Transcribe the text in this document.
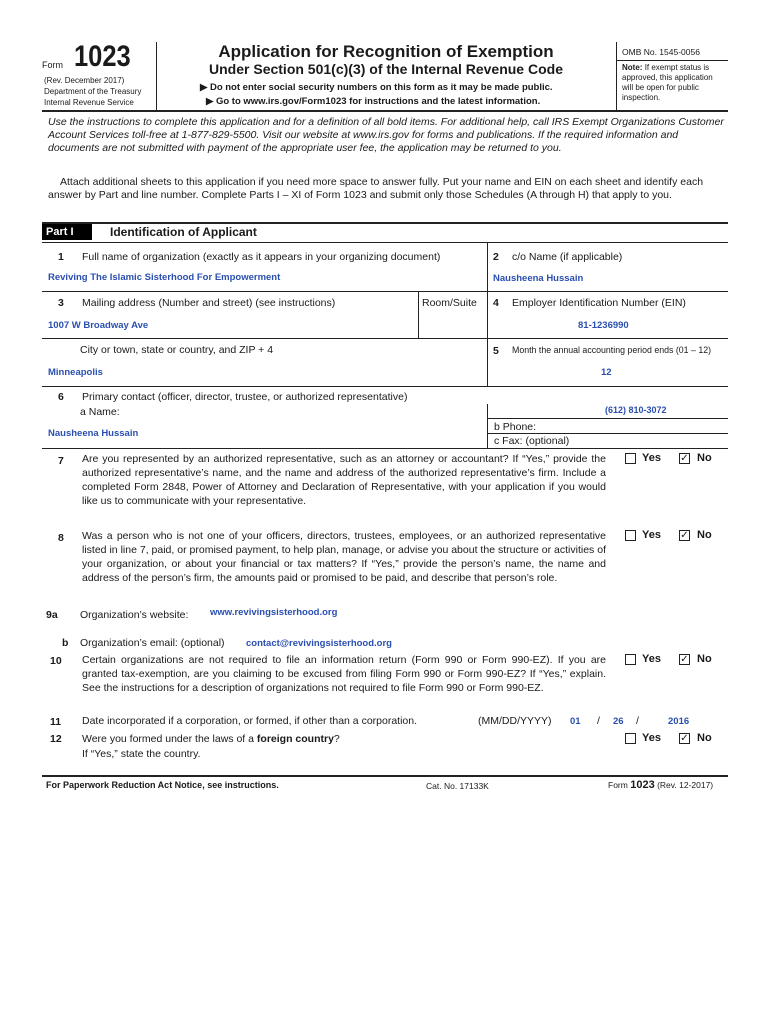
Form 1023
(Rev. December 2017)
Department of the Treasury
Internal Revenue Service
Application for Recognition of Exemption
Under Section 501(c)(3) of the Internal Revenue Code
▶ Do not enter social security numbers on this form as it may be made public.
▶ Go to www.irs.gov/Form1023 for instructions and the latest information.
OMB No. 1545-0056
Note: If exempt status is approved, this application will be open for public inspection.
Use the instructions to complete this application and for a definition of all bold items. For additional help, call IRS Exempt Organizations Customer Account Services toll-free at 1-877-829-5500. Visit our website at www.irs.gov for forms and publications. If the required information and documents are not submitted with payment of the appropriate user fee, the application may be returned to you.
Attach additional sheets to this application if you need more space to answer fully. Put your name and EIN on each sheet and identify each answer by Part and line number. Complete Parts I – XI of Form 1023 and submit only those Schedules (A through H) that apply to you.
Part I	Identification of Applicant
1 Full name of organization (exactly as it appears in your organizing document)
Reviving The Islamic Sisterhood For Empowerment
2 c/o Name (if applicable)
Nausheena Hussain
3 Mailing address (Number and street) (see instructions)	Room/Suite
1007 W Broadway Ave
4 Employer Identification Number (EIN)
81-1236990
City or town, state or country, and ZIP + 4
Minneapolis
5 Month the annual accounting period ends (01 – 12)
12
6 Primary contact (officer, director, trustee, or authorized representative)
a Name:
Nausheena Hussain
(612) 810-3072
b Phone:
c Fax: (optional)
7 Are you represented by an authorized representative, such as an attorney or accountant? If “Yes,” provide the authorized representative’s name, and the name and address of the authorized representative’s firm. Include a completed Form 2848, Power of Attorney and Declaration of Representative, with your application if you would like us to communicate with your representative.
Yes ✓ No
8 Was a person who is not one of your officers, directors, trustees, employees, or an authorized representative listed in line 7, paid, or promised payment, to help plan, manage, or advise you about the structure or activities of your organization, or about your financial or tax matters? If “Yes,” provide the person’s name, the name and address of the person’s firm, the amounts paid or promised to be paid, and describe that person’s role.
Yes ✓ No
9a Organization’s website: www.revivingsisterhood.org
b Organization’s email: (optional) contact@revivingsisterhood.org
10 Certain organizations are not required to file an information return (Form 990 or Form 990-EZ). If you are granted tax-exemption, are you claiming to be excused from filing Form 990 or Form 990-EZ? If “Yes,” explain. See the instructions for a description of organizations not required to file Form 990 or Form 990-EZ.
Yes ✓ No
11 Date incorporated if a corporation, or formed, if other than a corporation.	(MM/DD/YYYY) 01 / 26 /	2016
12 Were you formed under the laws of a foreign country?
If “Yes,” state the country.
Yes ✓ No
For Paperwork Reduction Act Notice, see instructions.	Cat. No. 17133K	Form 1023 (Rev. 12-2017)
